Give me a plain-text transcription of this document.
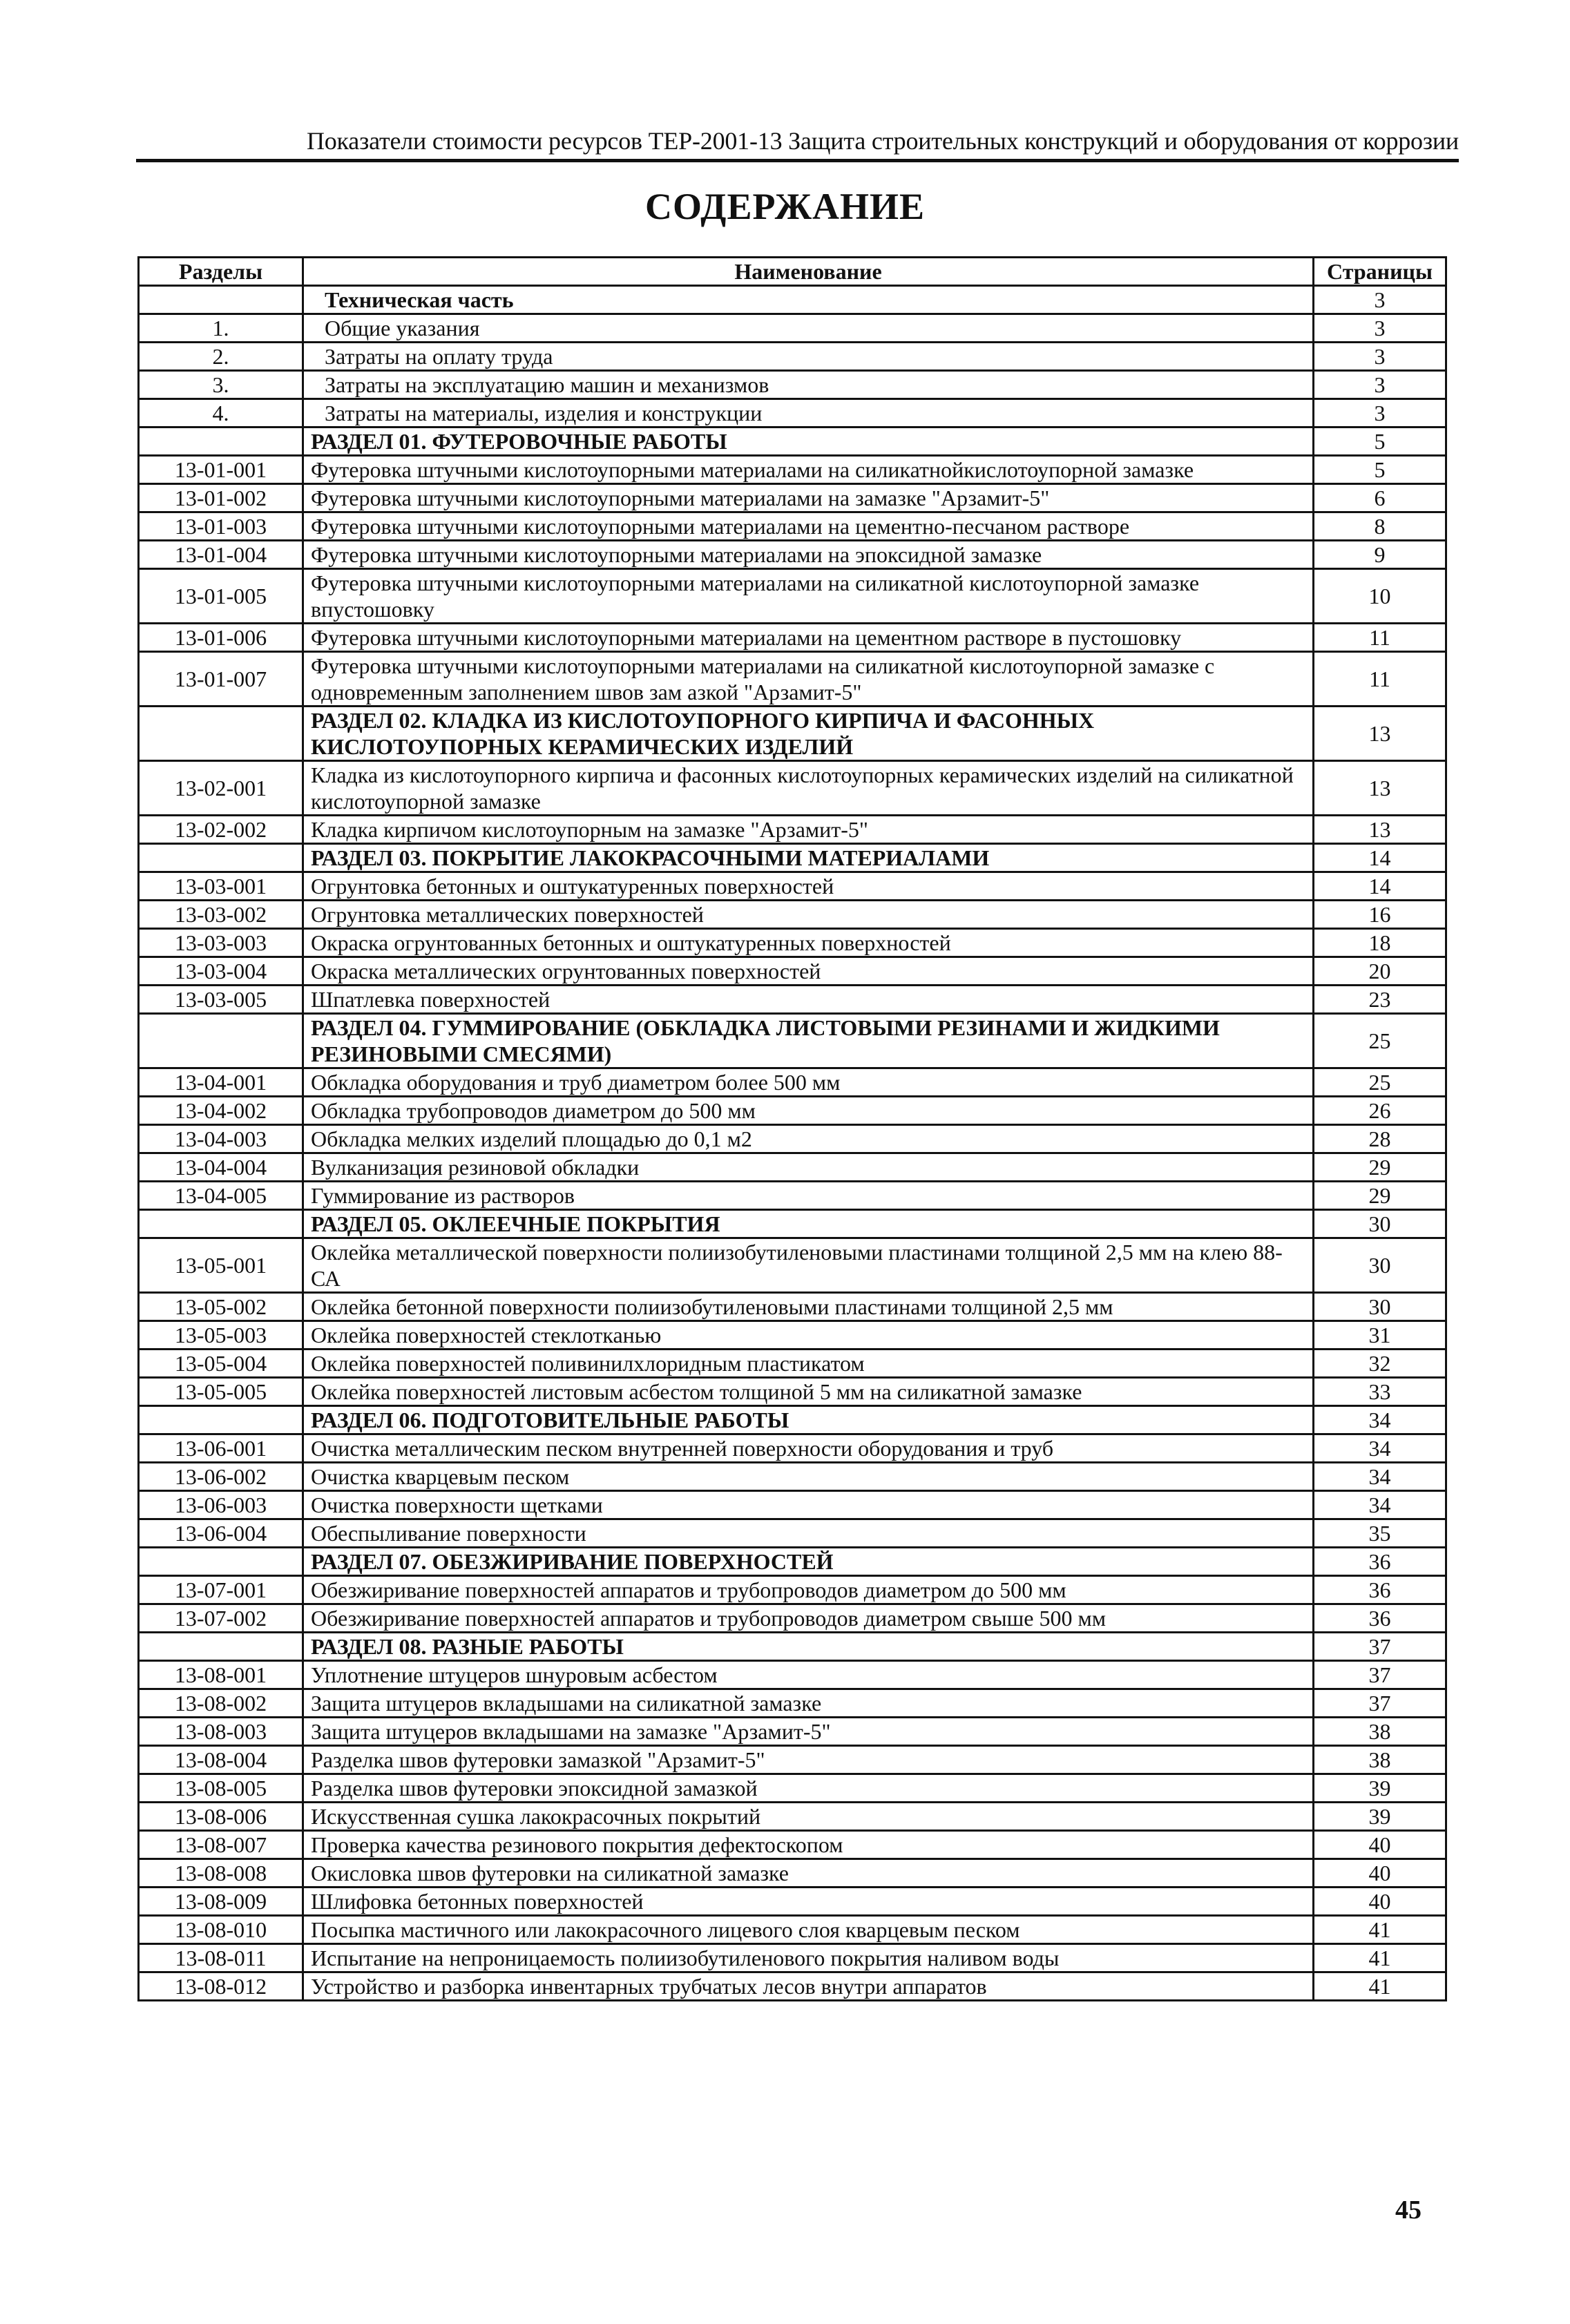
Показатели стоимости ресурсов ТЕР-2001-13 Защита строительных конструкций и оборудования от коррозии
СОДЕРЖАНИЕ
Разделы	Наименование	Страницы
	Техническая часть	3
1.	Общие указания	3
2.	Затраты на оплату труда	3
3.	Затраты на эксплуатацию машин и механизмов	3
4.	Затраты на материалы, изделия и конструкции	3
	РАЗДЕЛ 01. ФУТЕРОВОЧНЫЕ РАБОТЫ	5
13-01-001	Футеровка штучными кислотоупорными материалами на силикатнойкислотоупорной замазке	5
13-01-002	Футеровка штучными кислотоупорными материалами на замазке "Арзамит-5"	6
13-01-003	Футеровка штучными кислотоупорными материалами на цементно-песчаном растворе	8
13-01-004	Футеровка штучными кислотоупорными материалами на эпоксидной замазке	9
13-01-005	Футеровка штучными кислотоупорными материалами на силикатной кислотоупорной замазке впустошовку	10
13-01-006	Футеровка штучными кислотоупорными материалами на цементном растворе в пустошовку	11
13-01-007	Футеровка штучными кислотоупорными материалами на силикатной кислотоупорной замазке с одновременным заполнением швов зам азкой "Арзамит-5"	11
	РАЗДЕЛ 02. КЛАДКА ИЗ КИСЛОТОУПОРНОГО КИРПИЧА И ФАСОННЫХ КИСЛОТОУПОРНЫХ КЕРАМИЧЕСКИХ ИЗДЕЛИЙ	13
13-02-001	Кладка из кислотоупорного кирпича и фасонных кислотоупорных керамических изделий на силикатной кислотоупорной замазке	13
13-02-002	Кладка кирпичом кислотоупорным на замазке "Арзамит-5"	13
	РАЗДЕЛ 03. ПОКРЫТИЕ ЛАКОКРАСОЧНЫМИ МАТЕРИАЛАМИ	14
13-03-001	Огрунтовка бетонных и оштукатуренных поверхностей	14
13-03-002	Огрунтовка металлических поверхностей	16
13-03-003	Окраска огрунтованных бетонных и оштукатуренных поверхностей	18
13-03-004	Окраска металлических огрунтованных поверхностей	20
13-03-005	Шпатлевка поверхностей	23
	РАЗДЕЛ 04. ГУММИРОВАНИЕ (ОБКЛАДКА ЛИСТОВЫМИ РЕЗИНАМИ И ЖИДКИМИ РЕЗИНОВЫМИ СМЕСЯМИ)	25
13-04-001	Обкладка оборудования и труб диаметром более 500 мм	25
13-04-002	Обкладка трубопроводов диаметром до 500 мм	26
13-04-003	Обкладка мелких изделий площадью до 0,1 м2	28
13-04-004	Вулканизация резиновой обкладки	29
13-04-005	Гуммирование из растворов	29
	РАЗДЕЛ 05. ОКЛЕЕЧНЫЕ ПОКРЫТИЯ	30
13-05-001	Оклейка металлической поверхности полиизобутиленовыми пластинами толщиной 2,5 мм на клею 88-СА	30
13-05-002	Оклейка бетонной поверхности полиизобутиленовыми пластинами толщиной 2,5 мм	30
13-05-003	Оклейка поверхностей стеклотканью	31
13-05-004	Оклейка поверхностей поливинилхлоридным пластикатом	32
13-05-005	Оклейка поверхностей листовым асбестом толщиной 5 мм на силикатной замазке	33
	РАЗДЕЛ 06. ПОДГОТОВИТЕЛЬНЫЕ РАБОТЫ	34
13-06-001	Очистка металлическим песком внутренней поверхности оборудования и труб	34
13-06-002	Очистка кварцевым песком	34
13-06-003	Очистка поверхности щетками	34
13-06-004	Обеспыливание поверхности	35
	РАЗДЕЛ 07. ОБЕЗЖИРИВАНИЕ ПОВЕРХНОСТЕЙ	36
13-07-001	Обезжиривание поверхностей аппаратов и трубопроводов диаметром до 500 мм	36
13-07-002	Обезжиривание поверхностей аппаратов и трубопроводов диаметром свыше 500 мм	36
	РАЗДЕЛ 08. РАЗНЫЕ РАБОТЫ	37
13-08-001	Уплотнение штуцеров шнуровым асбестом	37
13-08-002	Защита штуцеров вкладышами на силикатной замазке	37
13-08-003	Защита штуцеров вкладышами на замазке "Арзамит-5"	38
13-08-004	Разделка швов футеровки замазкой "Арзамит-5"	38
13-08-005	Разделка швов футеровки эпоксидной замазкой	39
13-08-006	Искусственная сушка лакокрасочных покрытий	39
13-08-007	Проверка качества резинового покрытия дефектоскопом	40
13-08-008	Окисловка швов футеровки на силикатной замазке	40
13-08-009	Шлифовка бетонных поверхностей	40
13-08-010	Посыпка мастичного или лакокрасочного лицевого слоя кварцевым песком	41
13-08-011	Испытание на непроницаемость полиизобутиленового покрытия наливом воды	41
13-08-012	Устройство и разборка инвентарных трубчатых лесов внутри аппаратов	41
45
